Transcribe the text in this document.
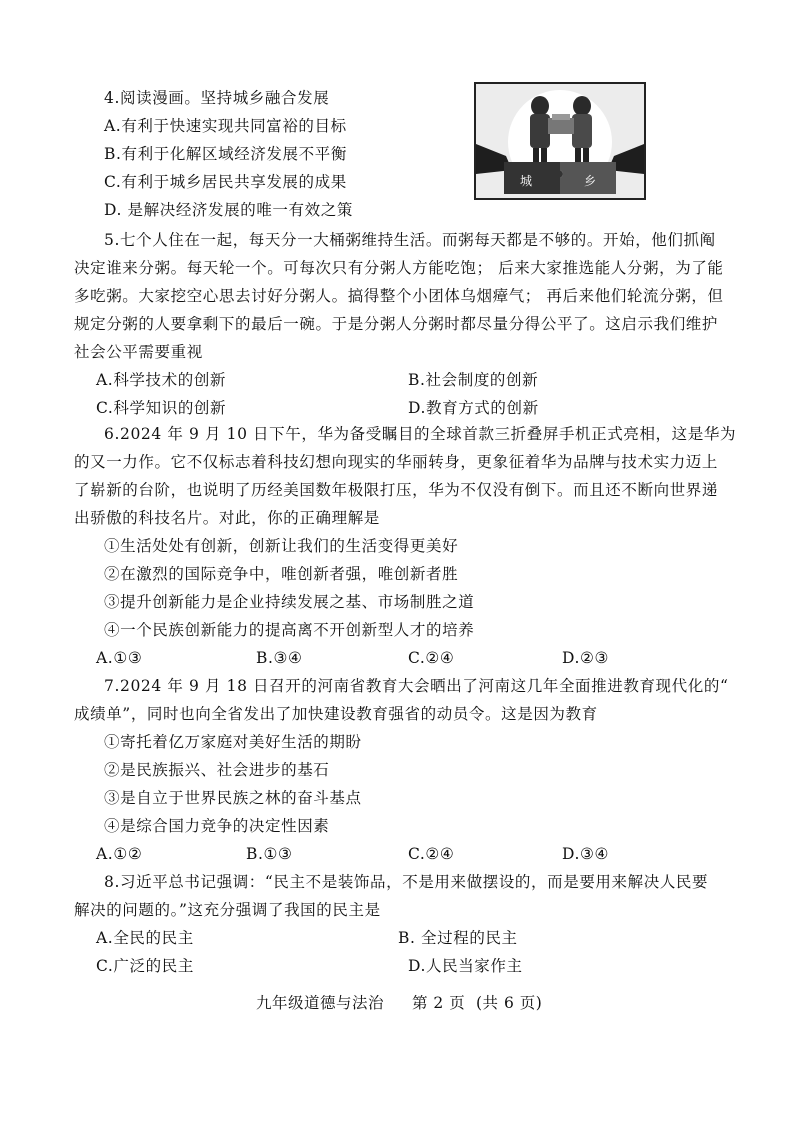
4.阅读漫画。坚持城乡融合发展
A.有利于快速实现共同富裕的目标
B.有利于化解区域经济发展不平衡
C.有利于城乡居民共享发展的成果
D. 是解决经济发展的唯一有效之策
城	乡
5.七个人住在一起，每天分一大桶粥维持生活。而粥每天都是不够的。开始，他们抓阄
决定谁来分粥。每天轮一个。可每次只有分粥人方能吃饱； 后来大家推选能人分粥，为了能
多吃粥。大家挖空心思去讨好分粥人。搞得整个小团体乌烟瘴气； 再后来他们轮流分粥，但
规定分粥的人要拿剩下的最后一碗。于是分粥人分粥时都尽量分得公平了。这启示我们维护
社会公平需要重视
A.科学技术的创新	B.社会制度的创新
C.科学知识的创新	D.教育方式的创新
6.2024 年 9 月 10 日下午，华为备受瞩目的全球首款三折叠屏手机正式亮相，这是华为
的又一力作。它不仅标志着科技幻想向现实的华丽转身，更象征着华为品牌与技术实力迈上
了崭新的台阶，也说明了历经美国数年极限打压，华为不仅没有倒下。而且还不断向世界递
出骄傲的科技名片。对此，你的正确理解是
①生活处处有创新，创新让我们的生活变得更美好
②在激烈的国际竞争中，唯创新者强，唯创新者胜
③提升创新能力是企业持续发展之基、市场制胜之道
④一个民族创新能力的提高离不开创新型人才的培养
A.①③	B.③④	C.②④	D.②③
7.2024 年 9 月 18 日召开的河南省教育大会晒出了河南这几年全面推进教育现代化的“
成绩单”，同时也向全省发出了加快建设教育强省的动员令。这是因为教育
①寄托着亿万家庭对美好生活的期盼
②是民族振兴、社会进步的基石
③是自立于世界民族之林的奋斗基点
④是综合国力竞争的决定性因素
A.①②	B.①③	C.②④	D.③④
8.习近平总书记强调：“民主不是装饰品，不是用来做摆设的，而是要用来解决人民要
解决的问题的。”这充分强调了我国的民主是
A.全民的民主	B. 全过程的民主
C.广泛的民主	D.人民当家作主
九年级道德与法治 第 2 页 (共 6 页)
